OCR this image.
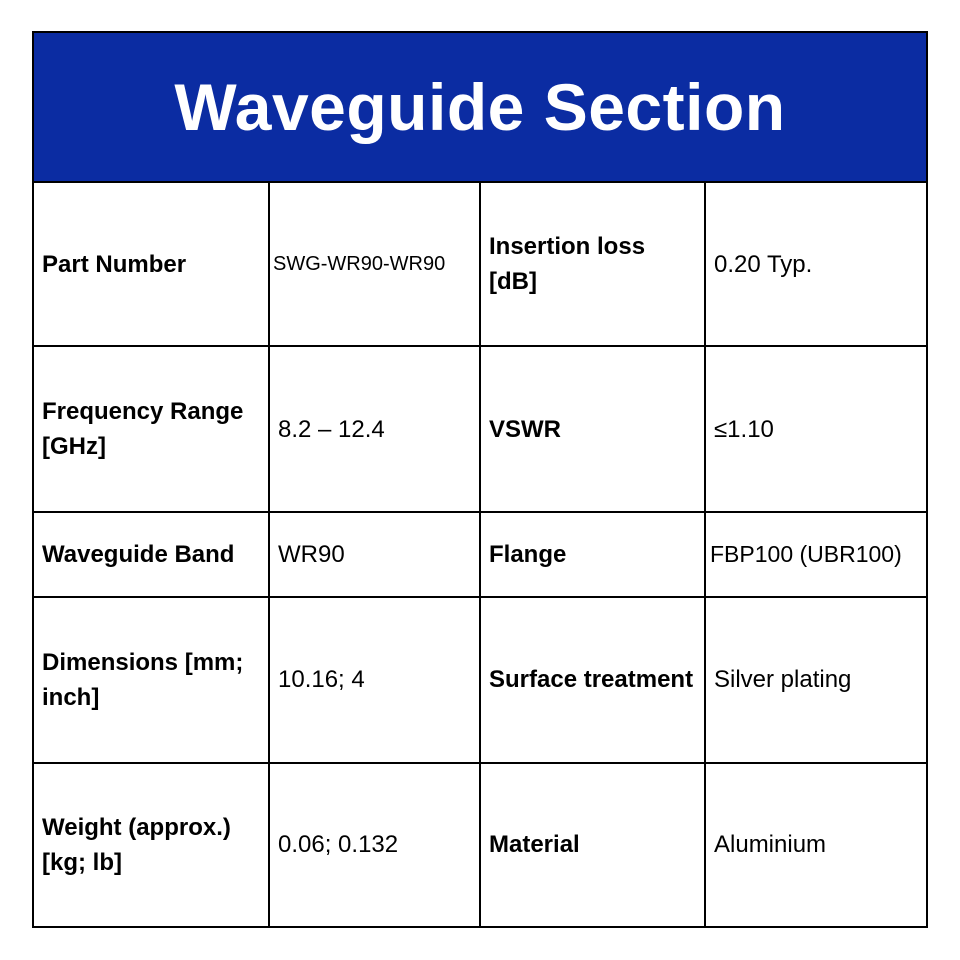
Waveguide Section
Part Number	SWG-WR90-WR90	Insertion loss [dB]	0.20 Typ.
Frequency Range [GHz]	8.2 – 12.4	VSWR	≤1.10
Waveguide Band	WR90	Flange	FBP100 (UBR100)
Dimensions [mm; inch]	10.16; 4	Surface treatment	Silver plating
Weight (approx.) [kg; lb]	0.06; 0.132	Material	Aluminium
